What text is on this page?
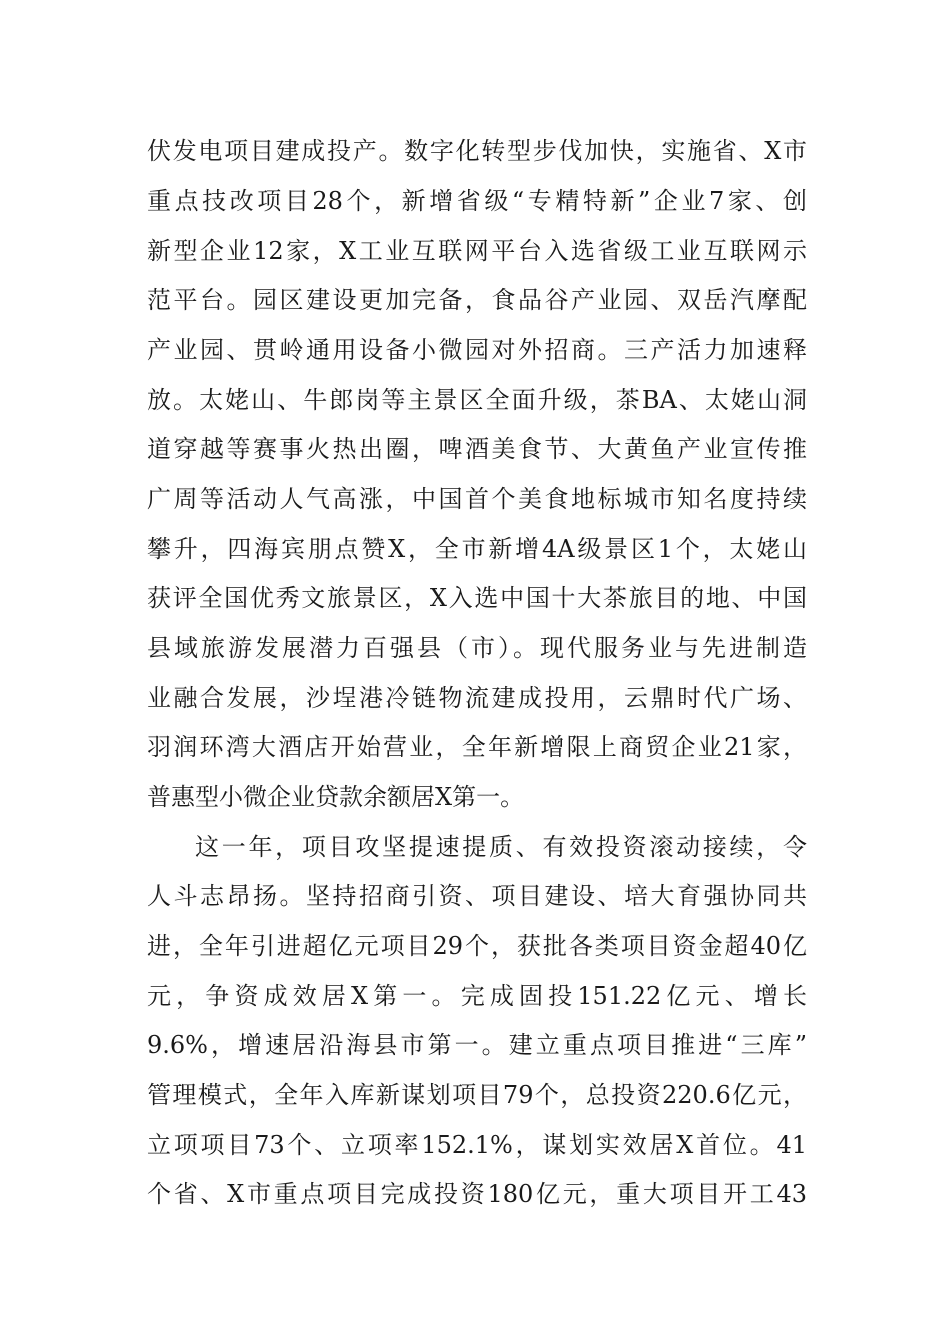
伏发电项目建成投产。数字化转型步伐加快，实施省、X市
重点技改项目28个，新增省级“专精特新”企业7家、创
新型企业12家，X工业互联网平台入选省级工业互联网示
范平台。园区建设更加完备，食品谷产业园、双岳汽摩配
产业园、贯岭通用设备小微园对外招商。三产活力加速释
放。太姥山、牛郎岗等主景区全面升级，茶BA、太姥山洞
道穿越等赛事火热出圈，啤酒美食节、大黄鱼产业宣传推
广周等活动人气高涨，中国首个美食地标城市知名度持续
攀升，四海宾朋点赞X，全市新增4A级景区1个，太姥山
获评全国优秀文旅景区，X入选中国十大茶旅目的地、中国
县域旅游发展潜力百强县（市）。现代服务业与先进制造
业融合发展，沙埕港冷链物流建成投用，云鼎时代广场、
羽润环湾大酒店开始营业，全年新增限上商贸企业21家，
普惠型小微企业贷款余额居X第一。
这一年，项目攻坚提速提质、有效投资滚动接续，令
人斗志昂扬。坚持招商引资、项目建设、培大育强协同共
进，全年引进超亿元项目29个，获批各类项目资金超40亿
元，争资成效居X第一。完成固投151.22亿元、增长
9.6%，增速居沿海县市第一。建立重点项目推进“三库”
管理模式，全年入库新谋划项目79个，总投资220.6亿元，
立项项目73个、立项率152.1%，谋划实效居X首位。41
个省、X市重点项目完成投资180亿元，重大项目开工43
